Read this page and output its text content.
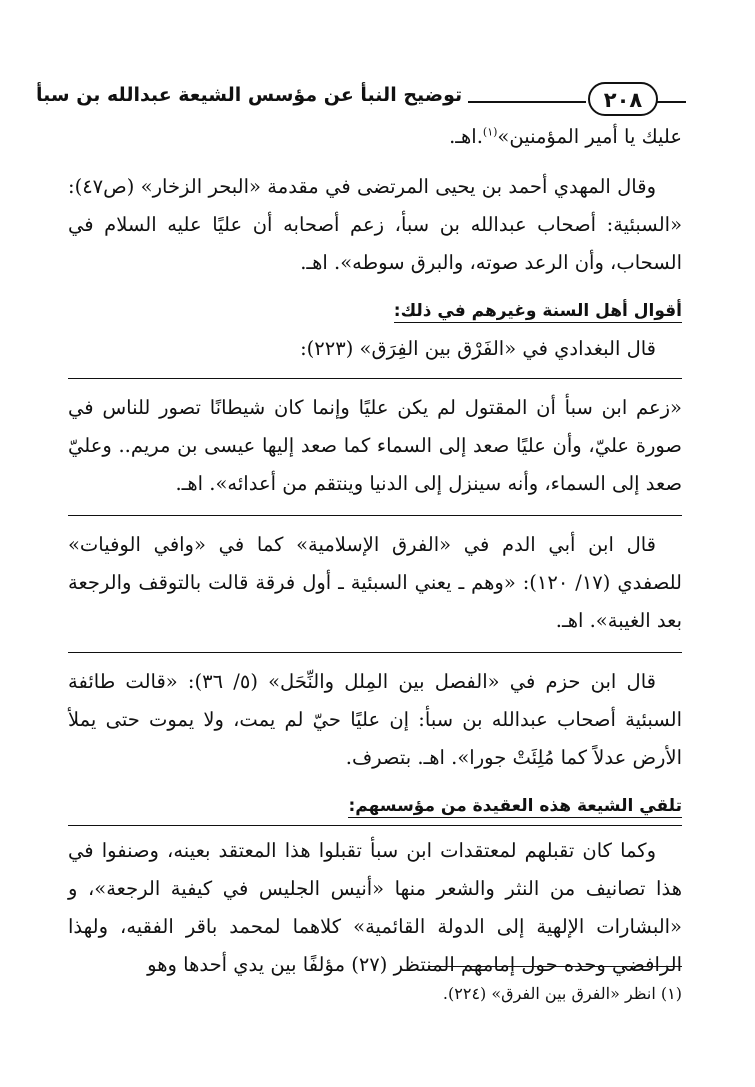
توضيح النبأ عن مؤسس الشيعة عبدالله بن سبأ	٢٠٨

عليك يا أمير المؤمنين»$^{(١)}$.اهـ.

وقال المهدي أحمد بن يحيى المرتضى في مقدمة «البحر الزخار» (ص٤٧): «السبئية: أصحاب عبدالله بن سبأ، زعم أصحابه أن عليًا عليه السلام في السحاب، وأن الرعد صوته، والبرق سوطه». اهـ.

أقوال أهل السنة وغيرهم في ذلك:

قال البغدادي في «الفَرْق بين الفِرَق» (٢٢٣):

«زعم ابن سبأ أن المقتول لم يكن عليًا وإنما كان شيطانًا تصور للناس في صورة عليّ، وأن عليًا صعد إلى السماء كما صعد إليها عيسى بن مريم.. وعليّ صعد إلى السماء، وأنه سينزل إلى الدنيا وينتقم من أعدائه». اهـ.

قال ابن أبي الدم في «الفرق الإسلامية» كما في «وافي الوفيات» للصفدي (١٧/ ١٢٠): «وهم ـ يعني السبئية ـ أول فرقة قالت بالتوقف والرجعة بعد الغيبة». اهـ.

قال ابن حزم في «الفصل بين المِلل والنِّحَل» (٥/ ٣٦): «قالت طائفة السبئية أصحاب عبدالله بن سبأ: إن عليًا حيّ لم يمت، ولا يموت حتى يملأ الأرض عدلاً كما مُلِئَتْ جورا». اهـ. بتصرف.

تلقي الشيعة هذه العقيدة من مؤسسهم:

وكما كان تقبلهم لمعتقدات ابن سبأ تقبلوا هذا المعتقد بعينه، وصنفوا في هذا تصانيف من النثر والشعر منها «أنيس الجليس في كيفية الرجعة»، و «البشارات الإلهية إلى الدولة القائمية» كلاهما لمحمد باقر الفقيه، ولهذا الرافضي وحده حول إمامهم المنتظر (٢٧) مؤلفًا بين يدي أحدها وهو

(١) انظر «الفرق بين الفرق» (٢٢٤).
